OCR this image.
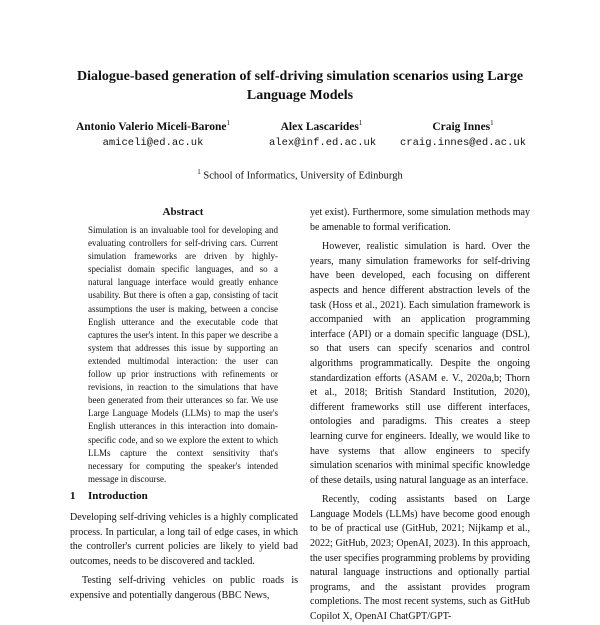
Dialogue-based generation of self-driving simulation scenarios using Large Language Models
Antonio Valerio Miceli-Barone$^1$
amiceli@ed.ac.uk
Alex Lascarides$^1$
alex@inf.ed.ac.uk
Craig Innes$^1$
craig.innes@ed.ac.uk
$^1$ School of Informatics, University of Edinburgh
Abstract

Simulation is an invaluable tool for developing and evaluating controllers for self-driving cars. Current simulation frameworks are driven by highly-specialist domain specific languages, and so a natural language interface would greatly enhance usability. But there is often a gap, consisting of tacit assumptions the user is making, between a concise English utterance and the executable code that captures the user's intent. In this paper we describe a system that addresses this issue by supporting an extended multimodal interaction: the user can follow up prior instructions with refinements or revisions, in reaction to the simulations that have been generated from their utterances so far. We use Large Language Models (LLMs) to map the user's English utterances in this interaction into domain-specific code, and so we explore the extent to which LLMs capture the context sensitivity that's necessary for computing the speaker's intended message in discourse.

1 Introduction

Developing self-driving vehicles is a highly complicated process. In particular, a long tail of edge cases, in which the controller's current policies are likely to yield bad outcomes, needs to be discovered and tackled.

Testing self-driving vehicles on public roads is expensive and potentially dangerous (BBC News,

yet exist). Furthermore, some simulation methods may be amenable to formal verification.

However, realistic simulation is hard. Over the years, many simulation frameworks for self-driving have been developed, each focusing on different aspects and hence different abstraction levels of the task (Hoss et al., 2021). Each simulation framework is accompanied with an application programming interface (API) or a domain specific language (DSL), so that users can specify scenarios and control algorithms programmatically. Despite the ongoing standardization efforts (ASAM e. V., 2020a,b; Thorn et al., 2018; British Standard Institution, 2020), different frameworks still use different interfaces, ontologies and paradigms. This creates a steep learning curve for engineers. Ideally, we would like to have systems that allow engineers to specify simulation scenarios with minimal specific knowledge of these details, using natural language as an interface.

Recently, coding assistants based on Large Language Models (LLMs) have become good enough to be of practical use (GitHub, 2021; Nijkamp et al., 2022; GitHub, 2023; OpenAI, 2023). In this approach, the user specifies programming problems by providing natural language instructions and optionally partial programs, and the assistant provides program completions. The most recent systems, such as GitHub Copilot X, OpenAI ChatGPT/GPT-
